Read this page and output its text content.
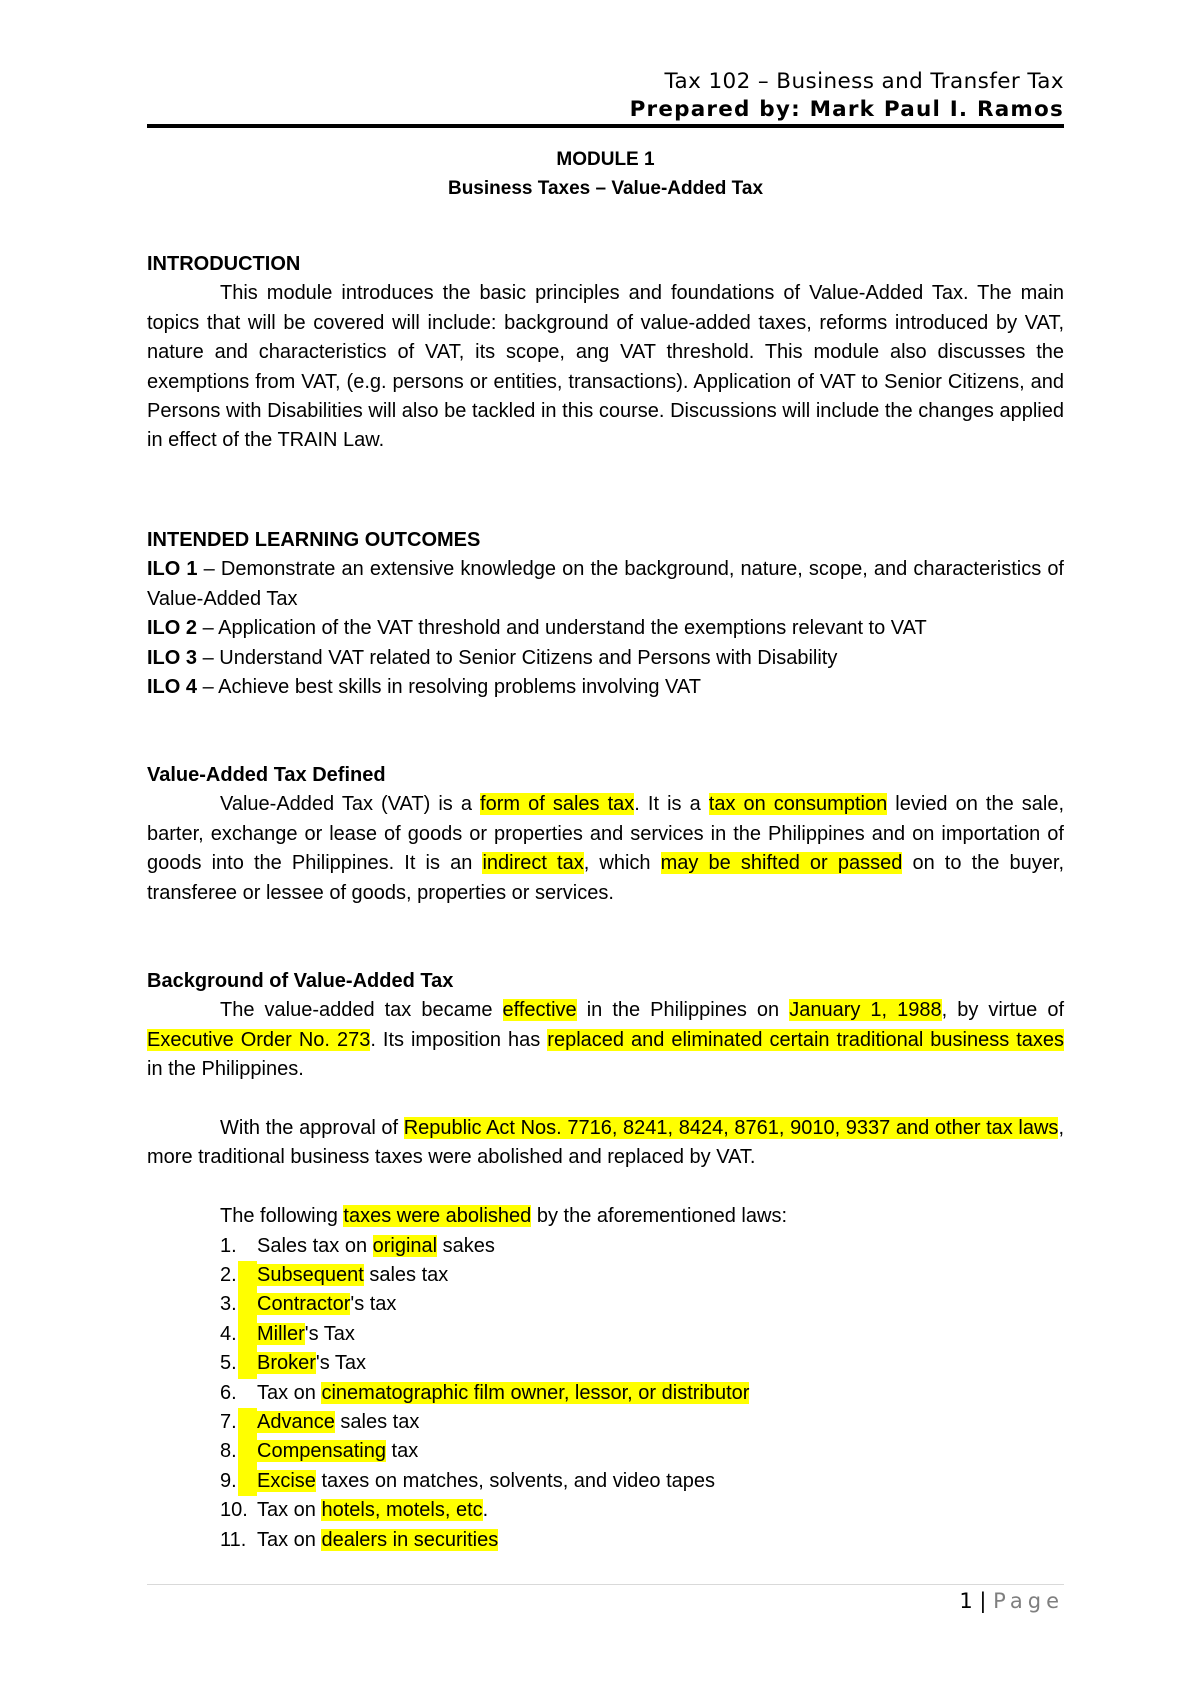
Tax 102 – Business and Transfer Tax
Prepared by: Mark Paul I. Ramos
MODULE 1
Business Taxes – Value-Added Tax
INTRODUCTION

This module introduces the basic principles and foundations of Value-Added Tax. The main topics that will be covered will include: background of value-added taxes, reforms introduced by VAT, nature and characteristics of VAT, its scope, ang VAT threshold. This module also discusses the exemptions from VAT, (e.g. persons or entities, transactions). Application of VAT to Senior Citizens, and Persons with Disabilities will also be tackled in this course. Discussions will include the changes applied in effect of the TRAIN Law.

INTENDED LEARNING OUTCOMES

ILO 1 – Demonstrate an extensive knowledge on the background, nature, scope, and characteristics of Value-Added Tax

ILO 2 – Application of the VAT threshold and understand the exemptions relevant to VAT

ILO 3 – Understand VAT related to Senior Citizens and Persons with Disability

ILO 4 – Achieve best skills in resolving problems involving VAT

Value-Added Tax Defined

Value-Added Tax (VAT) is a form of sales tax. It is a tax on consumption levied on the sale, barter, exchange or lease of goods or properties and services in the Philippines and on importation of goods into the Philippines. It is an indirect tax, which may be shifted or passed on to the buyer, transferee or lessee of goods, properties or services.

Background of Value-Added Tax

The value-added tax became effective in the Philippines on January 1, 1988, by virtue of Executive Order No. 273. Its imposition has replaced and eliminated certain traditional business taxes in the Philippines.

With the approval of Republic Act Nos. 7716, 8241, 8424, 8761, 9010, 9337 and other tax laws, more traditional business taxes were abolished and replaced by VAT.

The following taxes were abolished by the aforementioned laws:

1.	Sales tax on original sakes
2.	Subsequent sales tax
3.	Contractor's tax
4.	Miller's Tax
5.	Broker's Tax
6.	Tax on cinematographic film owner, lessor, or distributor
7.	Advance sales tax
8.	Compensating tax
9.	Excise taxes on matches, solvents, and video tapes
10. Tax on hotels, motels, etc.
11. Tax on dealers in securities
1 | Page
